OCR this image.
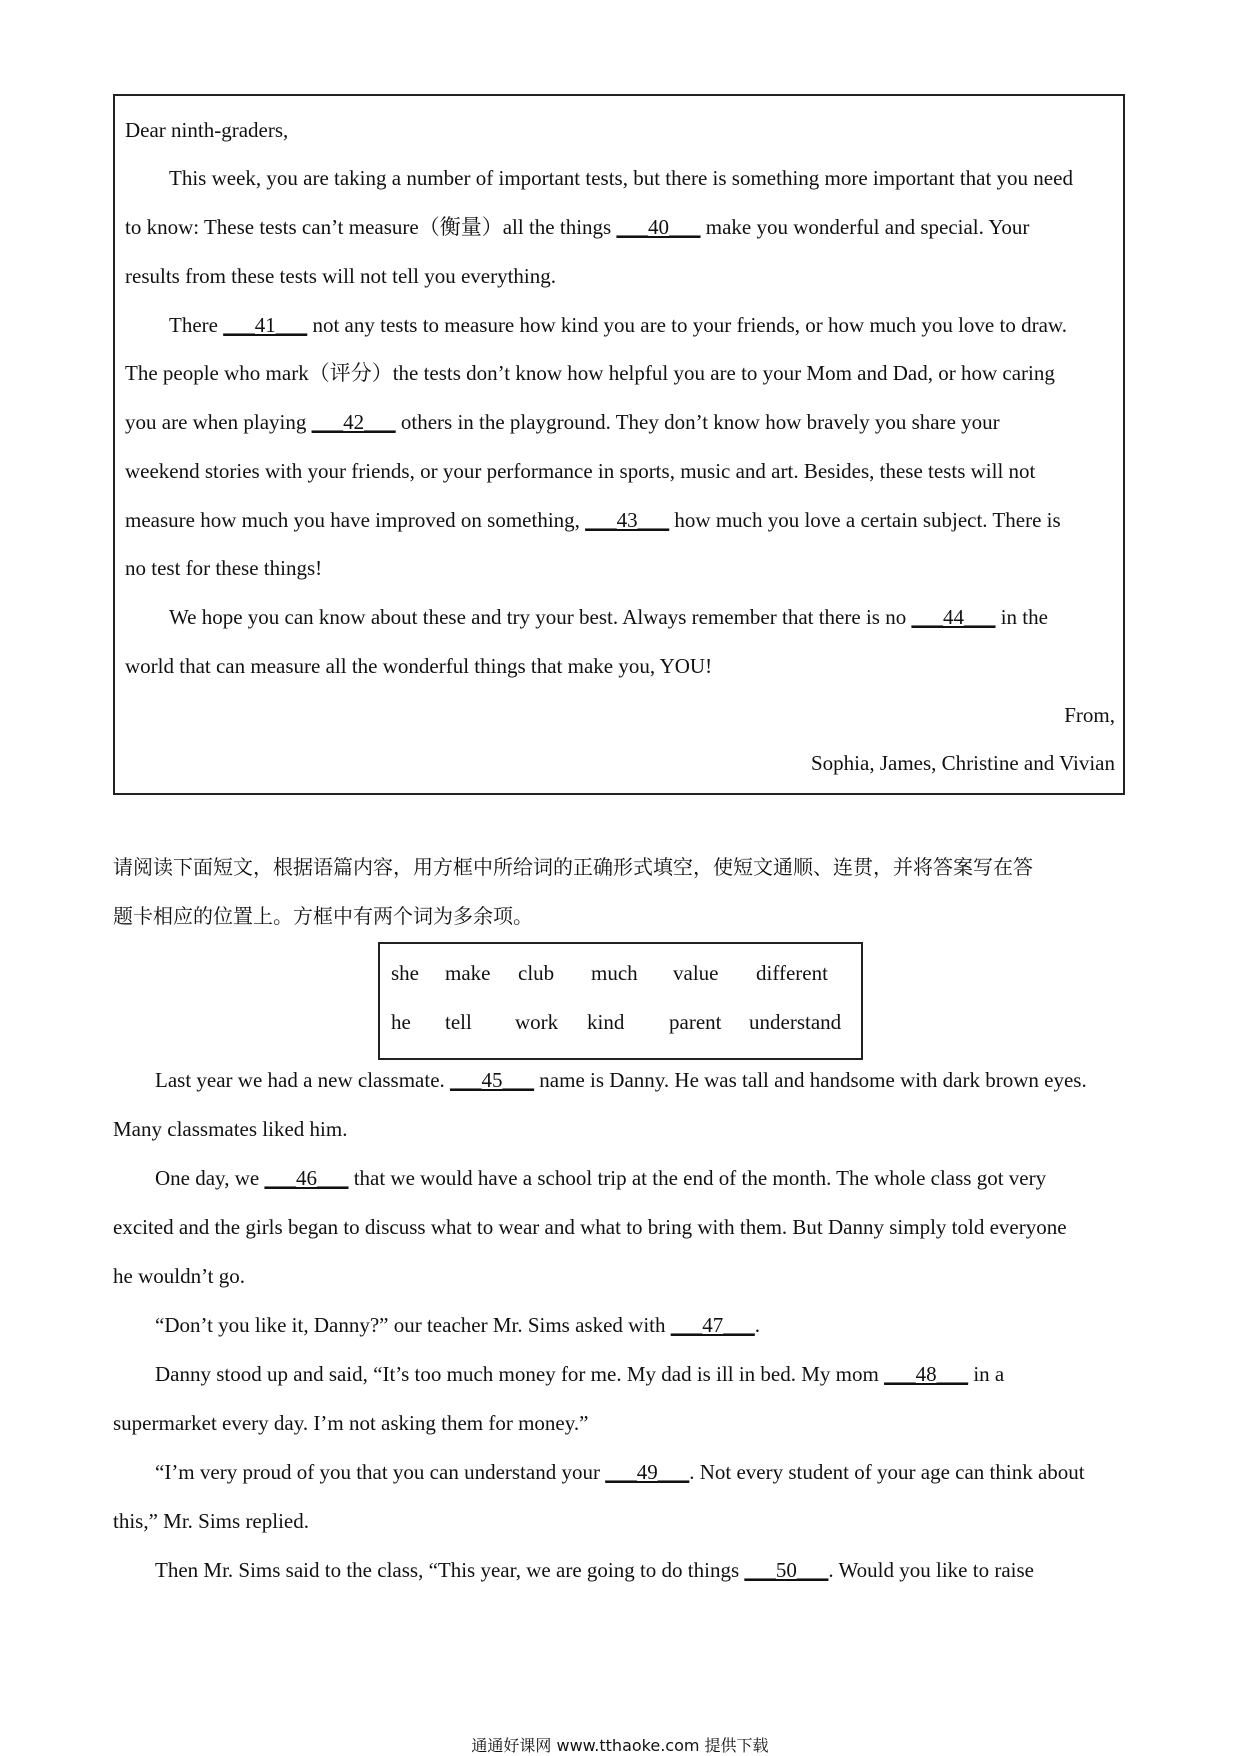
Dear ninth-graders,
This week, you are taking a number of important tests, but there is something more important that you need
to know: These tests can’t measure（衡量）all the things ___40___ make you wonderful and special. Your
results from these tests will not tell you everything.
There ___41___ not any tests to measure how kind you are to your friends, or how much you love to draw.
The people who mark（评分）the tests don’t know how helpful you are to your Mom and Dad, or how caring
you are when playing ___42___ others in the playground. They don’t know how bravely you share your
weekend stories with your friends, or your performance in sports, music and art. Besides, these tests will not
measure how much you have improved on something, ___43___ how much you love a certain subject. There is
no test for these things!
We hope you can know about these and try your best. Always remember that there is no ___44___ in the
world that can measure all the wonderful things that make you, YOU!
From,
Sophia, James, Christine and Vivian
请阅读下面短文，根据语篇内容，用方框中所给词的正确形式填空，使短文通顺、连贯，并将答案写在答
题卡相应的位置上。方框中有两个词为多余项。
she make club much value different
he tell work kind parent understand
Last year we had a new classmate. ___45___ name is Danny. He was tall and handsome with dark brown eyes.
Many classmates liked him.
One day, we ___46___ that we would have a school trip at the end of the month. The whole class got very
excited and the girls began to discuss what to wear and what to bring with them. But Danny simply told everyone
he wouldn’t go.
“Don’t you like it, Danny?” our teacher Mr. Sims asked with ___47___.
Danny stood up and said, “It’s too much money for me. My dad is ill in bed. My mom ___48___ in a
supermarket every day. I’m not asking them for money.”
“I’m very proud of you that you can understand your ___49___. Not every student of your age can think about
this,” Mr. Sims replied.
Then Mr. Sims said to the class, “This year, we are going to do things ___50___. Would you like to raise
通通好课网 www.tthaoke.com 提供下载
